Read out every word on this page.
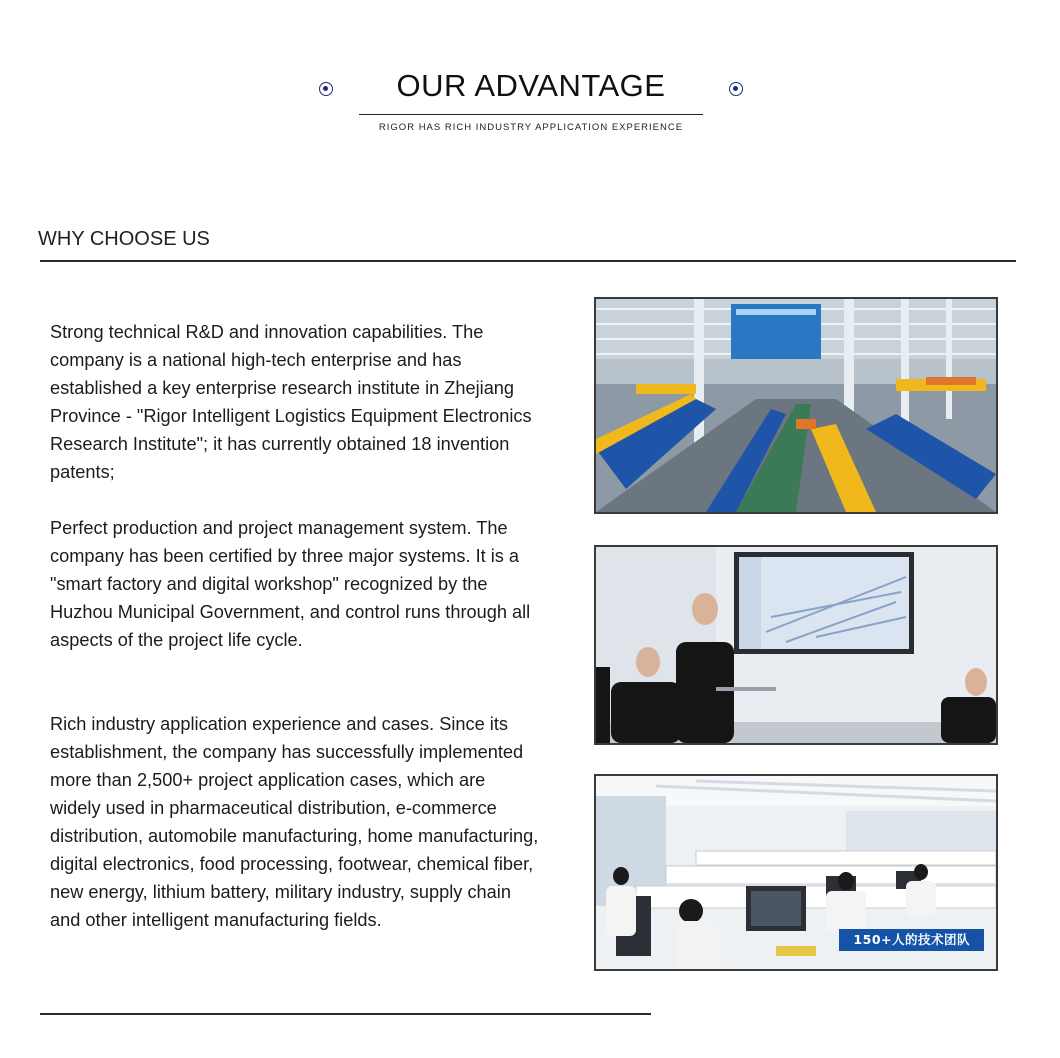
OUR ADVANTAGE
RIGOR HAS RICH INDUSTRY APPLICATION EXPERIENCE
WHY CHOOSE US

Strong technical R&D and innovation capabilities. The company is a national high-tech enterprise and has established a key enterprise research institute in Zhejiang Province - "Rigor Intelligent Logistics Equipment Electronics Research Institute"; it has currently obtained 18 invention patents;

Perfect production and project management system. The company has been certified by three major systems. It is a "smart factory and digital workshop" recognized by the Huzhou Municipal Government, and control runs through all aspects of the project life cycle.

Rich industry application experience and cases. Since its establishment, the company has successfully implemented more than 2,500+ project application cases, which are widely used in pharmaceutical distribution, e-commerce distribution, automobile manufacturing, home manufacturing, digital electronics, food processing, footwear, chemical fiber, new energy, lithium battery, military industry, supply chain and other intelligent manufacturing fields.

150+人的技术团队
